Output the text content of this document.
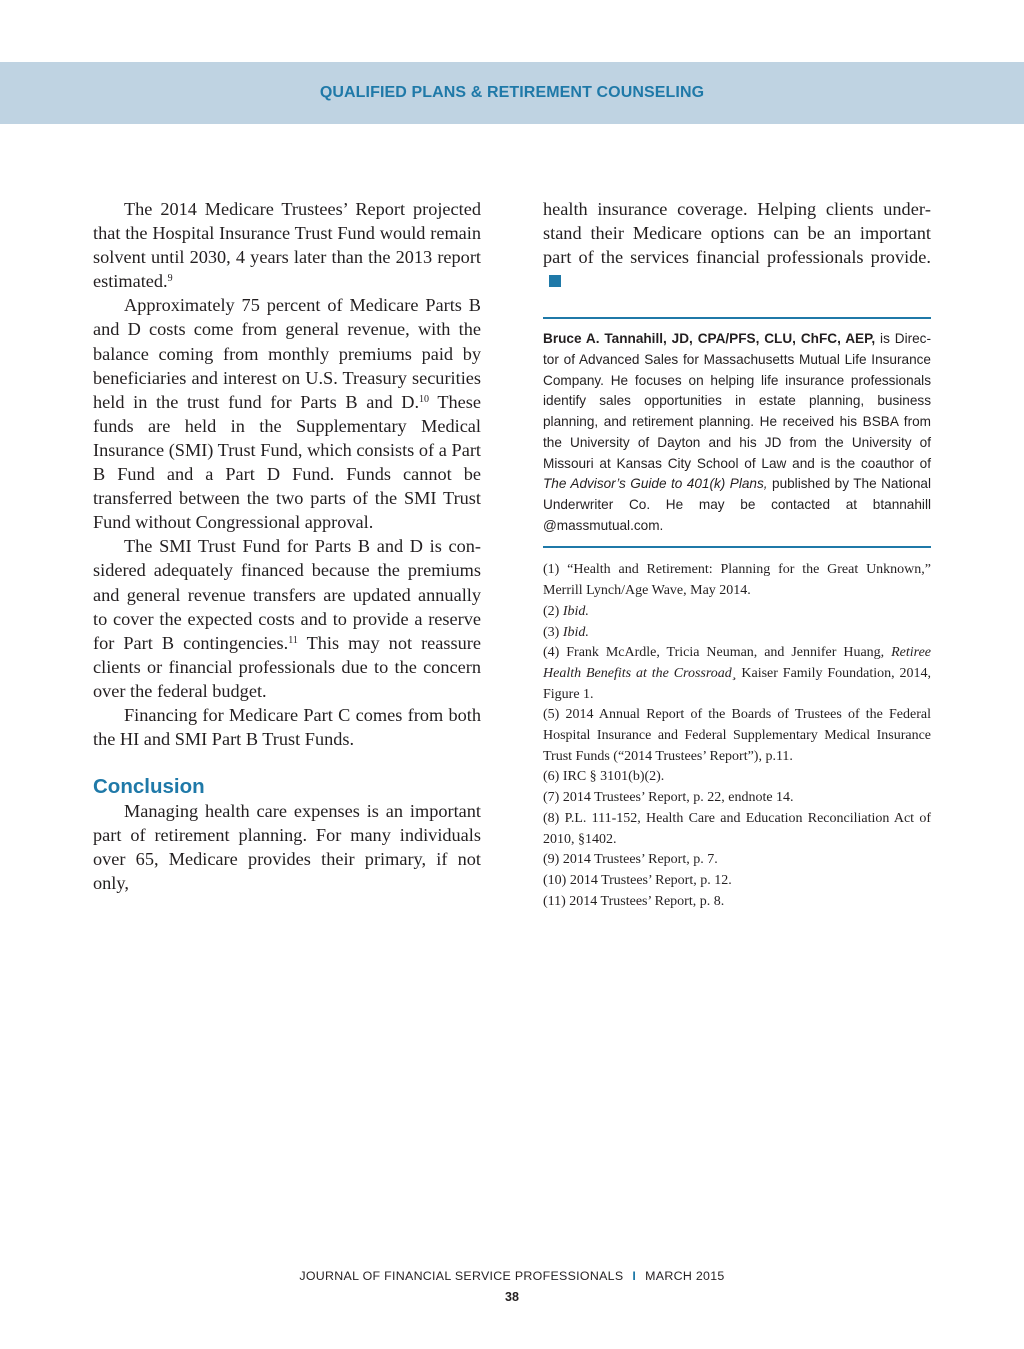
QUALIFIED PLANS & RETIREMENT COUNSELING

The 2014 Medicare Trustees’ Report projected that the Hospital Insurance Trust Fund would remain solvent until 2030, 4 years later than the 2013 report estimated.$^9$

Approximately 75 percent of Medicare Parts B and D costs come from general revenue, with the balance coming from monthly premiums paid by beneficiaries and interest on U.S. Treasury securities held in the trust fund for Parts B and D.$^{10}$ These funds are held in the Supplementary Medical Insurance (SMI) Trust Fund, which consists of a Part B Fund and a Part D Fund. Funds cannot be transferred between the two parts of the SMI Trust Fund without Congressional approval.

The SMI Trust Fund for Parts B and D is considered adequately financed because the premiums and general revenue transfers are updated annually to cover the expected costs and to provide a reserve for Part B contingencies.$^{11}$ This may not reassure clients or financial professionals due to the concern over the federal budget.

Financing for Medicare Part C comes from both the HI and SMI Part B Trust Funds.

Conclusion

Managing health care expenses is an important part of retirement planning. For many individuals over 65, Medicare provides their primary, if not only,

health insurance coverage. Helping clients understand their Medicare options can be an important part of the services financial professionals provide.

Bruce A. Tannahill, JD, CPA/PFS, CLU, ChFC, AEP, is Director of Advanced Sales for Massachusetts Mutual Life Insurance Company. He focuses on helping life insurance professionals identify sales opportunities in estate planning, business planning, and retirement planning. He received his BSBA from the University of Dayton and his JD from the University of Missouri at Kansas City School of Law and is the coauthor of The Advisor’s Guide to 401(k) Plans, published by The National Underwriter Co. He may be contacted at btannahill @massmutual.com.

(1) “Health and Retirement: Planning for the Great Unknown,” Merrill Lynch/Age Wave, May 2014.

(2) Ibid.

(3) Ibid.

(4) Frank McArdle, Tricia Neuman, and Jennifer Huang, Retiree Health Benefits at the Crossroad¸ Kaiser Family Foundation, 2014, Figure 1.

(5) 2014 Annual Report of the Boards of Trustees of the Federal Hospital Insurance and Federal Supplementary Medical Insurance Trust Funds (“2014 Trustees’ Report”), p.11.

(6) IRC § 3101(b)(2).

(7) 2014 Trustees’ Report, p. 22, endnote 14.

(8) P.L. 111-152, Health Care and Education Reconciliation Act of 2010, §1402.

(9) 2014 Trustees’ Report, p. 7.

(10) 2014 Trustees’ Report, p. 12.

(11) 2014 Trustees’ Report, p. 8.

JOURNAL OF FINANCIAL SERVICE PROFESSIONALS I MARCH 2015
38
